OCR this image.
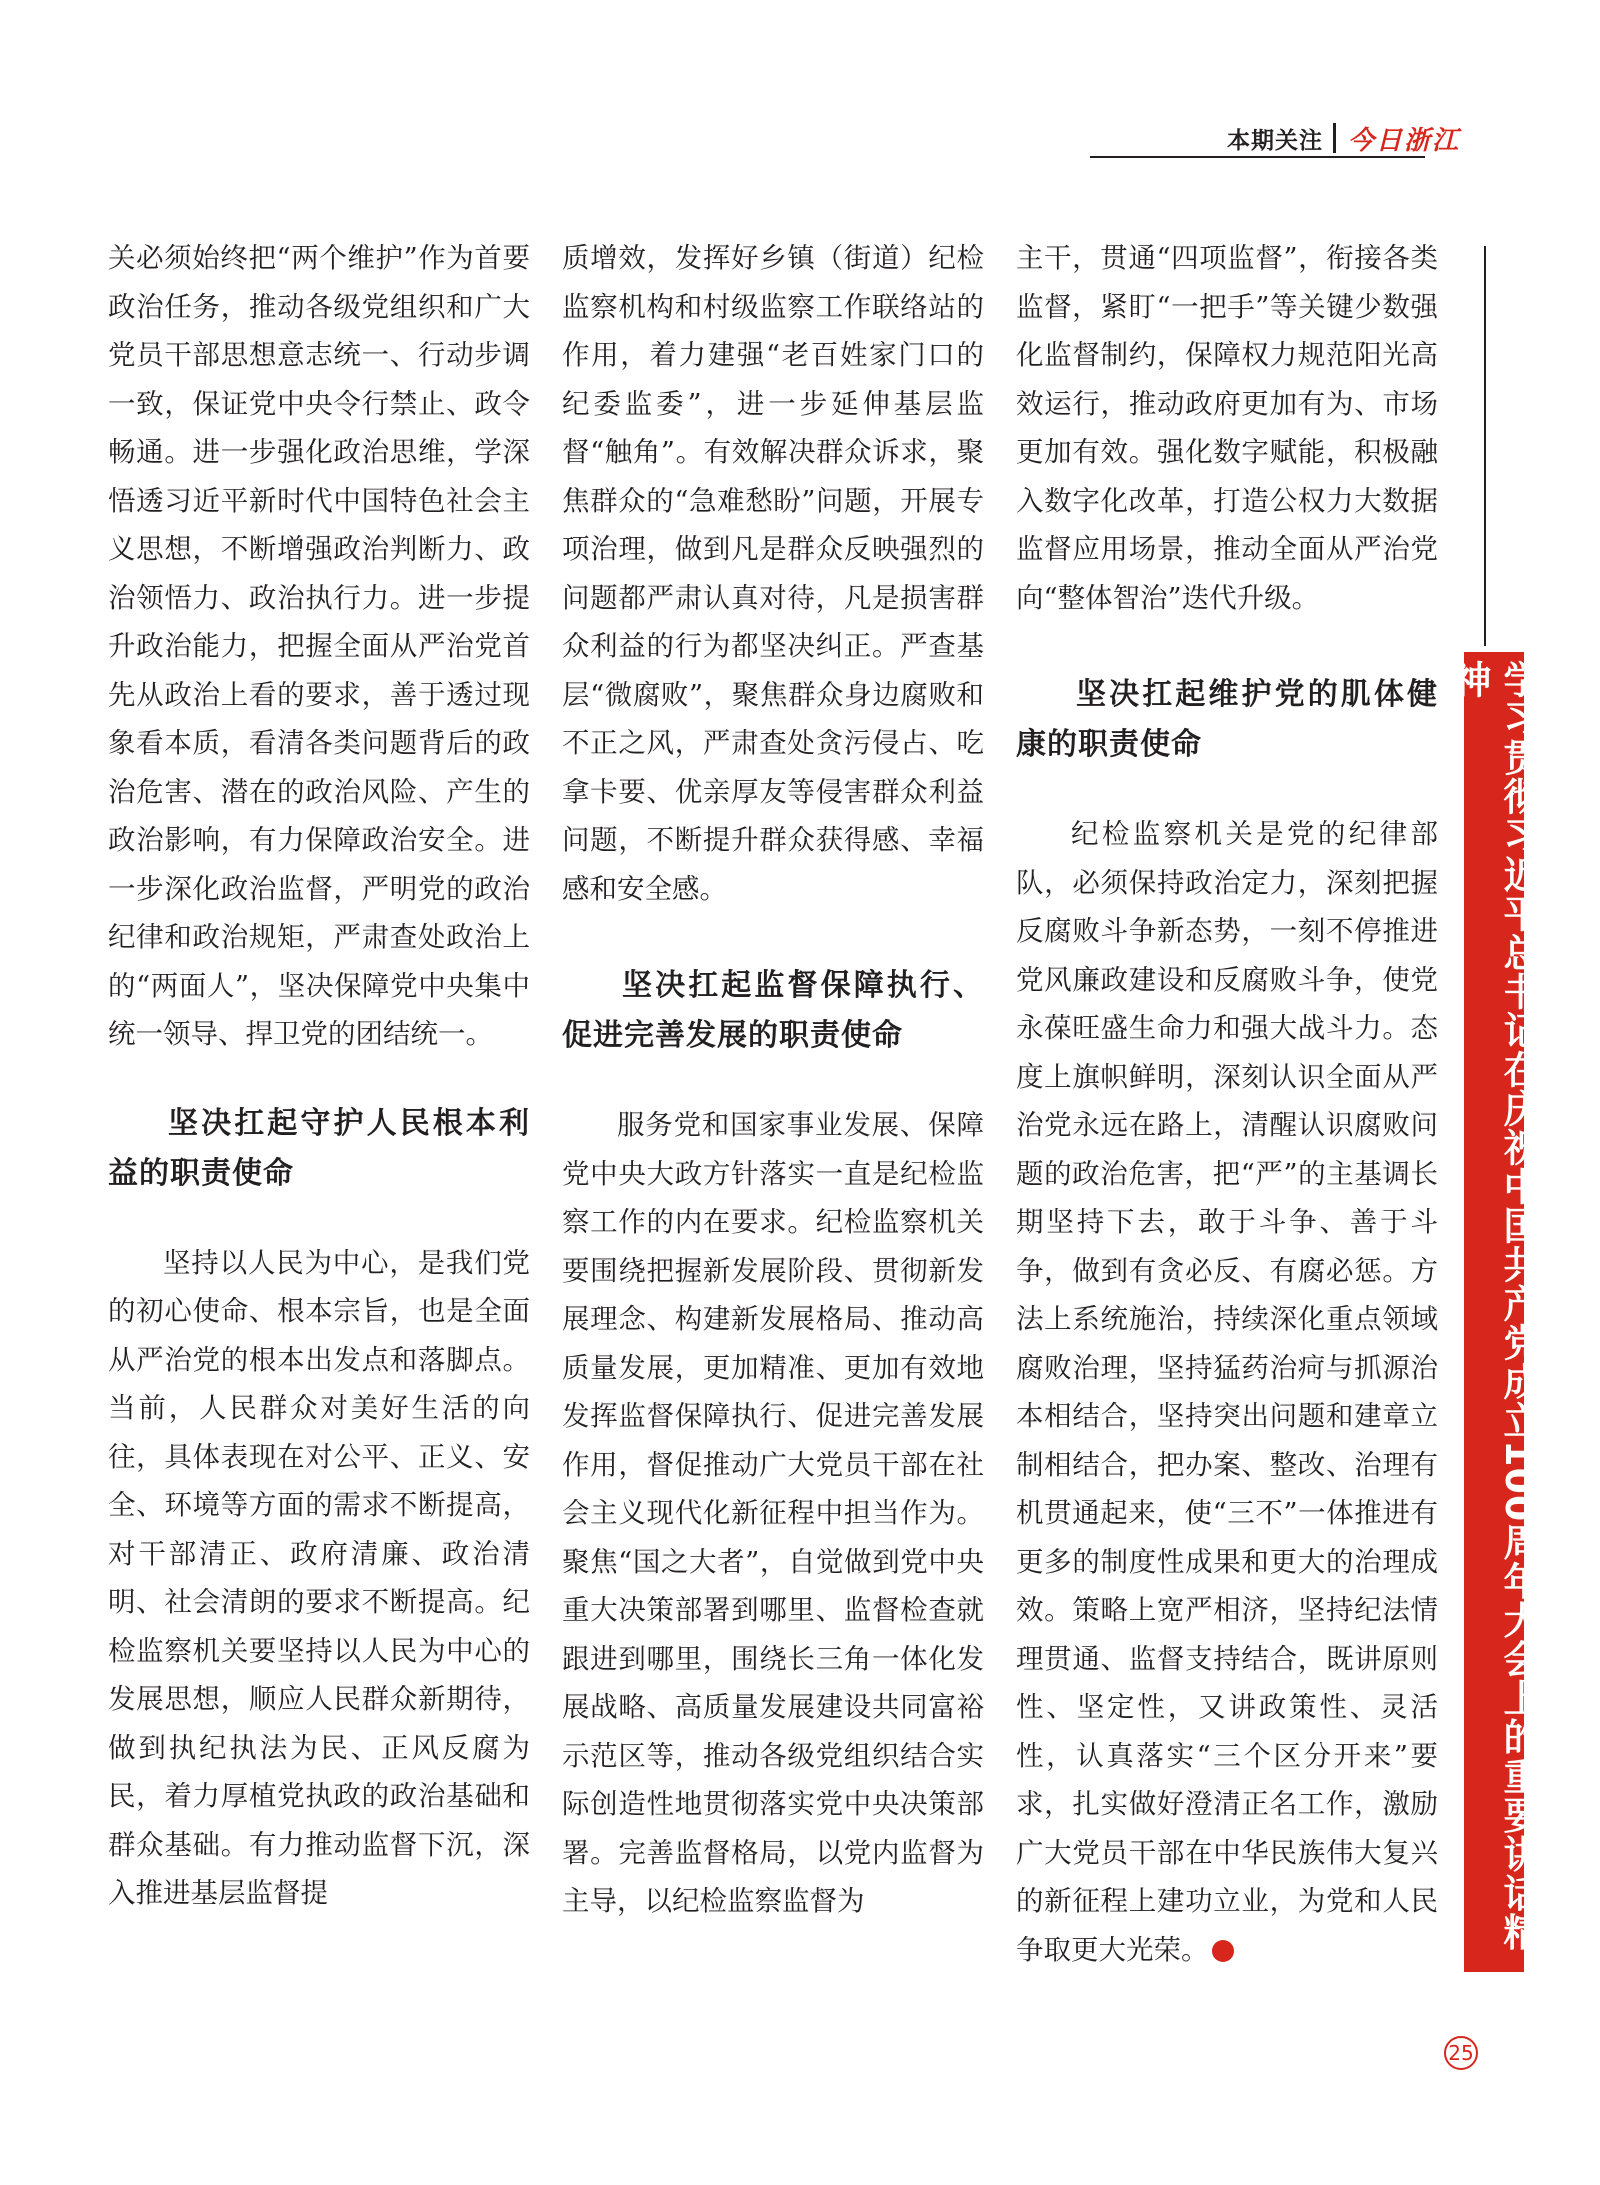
本期关注 今日浙江

关必须始终把“两个维护”作为首要政治任务，推动各级党组织和广大党员干部思想意志统一、行动步调一致，保证党中央令行禁止、政令畅通。进一步强化政治思维，学深悟透习近平新时代中国特色社会主义思想，不断增强政治判断力、政治领悟力、政治执行力。进一步提升政治能力，把握全面从严治党首先从政治上看的要求，善于透过现象看本质，看清各类问题背后的政治危害、潜在的政治风险、产生的政治影响，有力保障政治安全。进一步深化政治监督，严明党的政治纪律和政治规矩，严肃查处政治上的“两面人”，坚决保障党中央集中统一领导、捍卫党的团结统一。

坚决扛起守护人民根本利益的职责使命

坚持以人民为中心，是我们党的初心使命、根本宗旨，也是全面从严治党的根本出发点和落脚点。当前，人民群众对美好生活的向往，具体表现在对公平、正义、安全、环境等方面的需求不断提高，对干部清正、政府清廉、政治清明、社会清朗的要求不断提高。纪检监察机关要坚持以人民为中心的发展思想，顺应人民群众新期待，做到执纪执法为民、正风反腐为民，着力厚植党执政的政治基础和群众基础。有力推动监督下沉，深入推进基层监督提

质增效，发挥好乡镇（街道）纪检监察机构和村级监察工作联络站的作用，着力建强“老百姓家门口的纪委监委”，进一步延伸基层监督“触角”。有效解决群众诉求，聚焦群众的“急难愁盼”问题，开展专项治理，做到凡是群众反映强烈的问题都严肃认真对待，凡是损害群众利益的行为都坚决纠正。严查基层“微腐败”，聚焦群众身边腐败和不正之风，严肃查处贪污侵占、吃拿卡要、优亲厚友等侵害群众利益问题，不断提升群众获得感、幸福感和安全感。

坚决扛起监督保障执行、促进完善发展的职责使命

服务党和国家事业发展、保障党中央大政方针落实一直是纪检监察工作的内在要求。纪检监察机关要围绕把握新发展阶段、贯彻新发展理念、构建新发展格局、推动高质量发展，更加精准、更加有效地发挥监督保障执行、促进完善发展作用，督促推动广大党员干部在社会主义现代化新征程中担当作为。聚焦“国之大者”，自觉做到党中央重大决策部署到哪里、监督检查就跟进到哪里，围绕长三角一体化发展战略、高质量发展建设共同富裕示范区等，推动各级党组织结合实际创造性地贯彻落实党中央决策部署。完善监督格局，以党内监督为主导，以纪检监察监督为

主干，贯通“四项监督”，衔接各类监督，紧盯“一把手”等关键少数强化监督制约，保障权力规范阳光高效运行，推动政府更加有为、市场更加有效。强化数字赋能，积极融入数字化改革，打造公权力大数据监督应用场景，推动全面从严治党向“整体智治”迭代升级。

坚决扛起维护党的肌体健康的职责使命

纪检监察机关是党的纪律部队，必须保持政治定力，深刻把握反腐败斗争新态势，一刻不停推进党风廉政建设和反腐败斗争，使党永葆旺盛生命力和强大战斗力。态度上旗帜鲜明，深刻认识全面从严治党永远在路上，清醒认识腐败问题的政治危害，把“严”的主基调长期坚持下去，敢于斗争、善于斗争，做到有贪必反、有腐必惩。方法上系统施治，持续深化重点领域腐败治理，坚持猛药治疴与抓源治本相结合，坚持突出问题和建章立制相结合，把办案、整改、治理有机贯通起来，使“三不”一体推进有更多的制度性成果和更大的治理成效。策略上宽严相济，坚持纪法情理贯通、监督支持结合，既讲原则性、坚定性，又讲政策性、灵活性，认真落实“三个区分开来”要求，扎实做好澄清正名工作，激励广大党员干部在中华民族伟大复兴的新征程上建功立业，为党和人民争取更大光荣。	今	学习贯彻习近平总书记在庆祝中国共产党成立100周年大会上的重要讲话精神
25
